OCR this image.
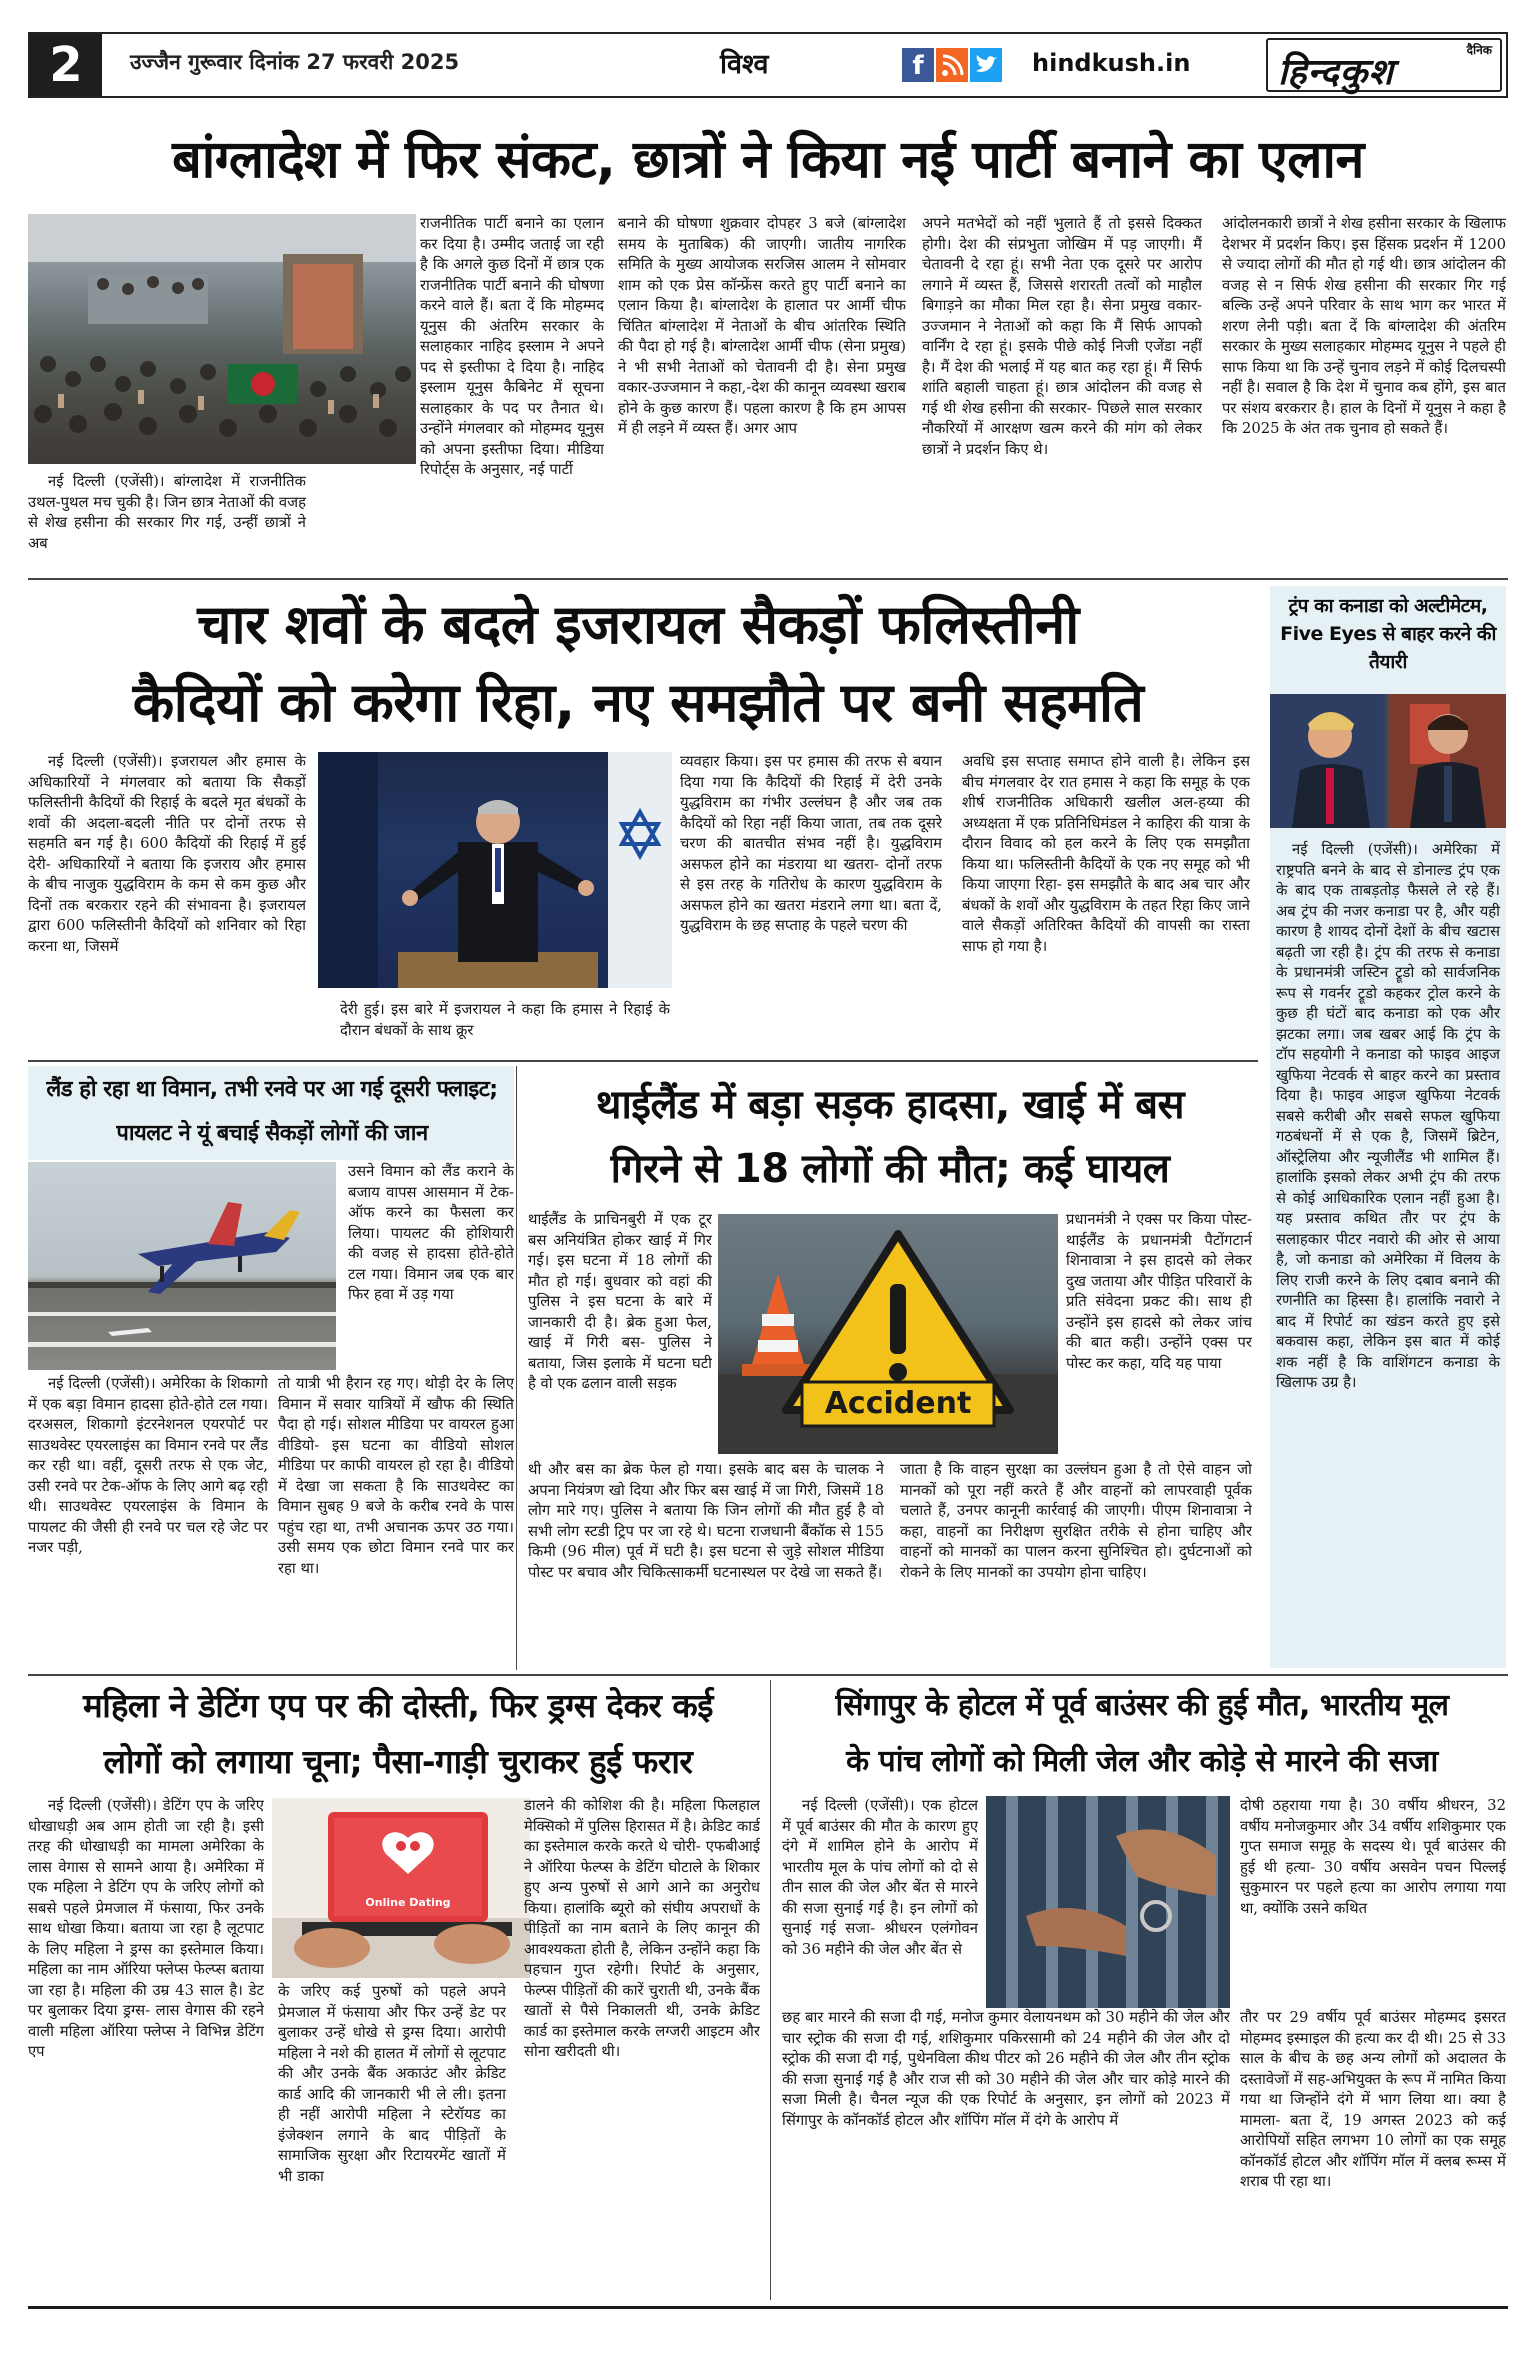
2	उज्जैन गुरूवार दिनांक 27 फरवरी 2025	विश्व	f	hindkush.in	दैनिक
हिन्दकुश
बांग्लादेश में फिर संकट, छात्रों ने किया नई पार्टी बनाने का एलान
नई दिल्ली (एजेंसी)। बांग्लादेश में राजनीतिक उथल-पुथल मच चुकी है। जिन छात्र नेताओं की वजह से शेख हसीना की सरकार गिर गई, उन्हीं छात्रों ने अब
राजनीतिक पार्टी बनाने का एलान कर दिया है। उम्मीद जताई जा रही है कि अगले कुछ दिनों में छात्र एक राजनीतिक पार्टी बनाने की घोषणा करने वाले हैं। बता दें कि मोहम्मद यूनुस की अंतरिम सरकार के सलाहकार नाहिद इस्लाम ने अपने पद से इस्तीफा दे दिया है। नाहिद इस्लाम यूनुस कैबिनेट में सूचना सलाहकार के पद पर तैनात थे। उन्होंने मंगलवार को मोहम्मद यूनुस को अपना इस्तीफा दिया। मीडिया रिपोर्ट्स के अनुसार, नई पार्टी
बनाने की घोषणा शुक्रवार दोपहर 3 बजे (बांग्लादेश समय के मुताबिक) की जाएगी। जातीय नागरिक समिति के मुख्य आयोजक सरजिस आलम ने सोमवार शाम को एक प्रेस कॉन्फ्रेंस करते हुए पार्टी बनाने का एलान किया है। बांग्लादेश के हालात पर आर्मी चीफ चिंतित बांग्लादेश में नेताओं के बीच आंतरिक स्थिति की पैदा हो गई है। बांग्लादेश आर्मी चीफ (सेना प्रमुख) ने भी सभी नेताओं को चेतावनी दी है। सेना प्रमुख वकार-उज्जमान ने कहा,-देश की कानून व्यवस्था खराब होने के कुछ कारण हैं। पहला कारण है कि हम आपस में ही लड़ने में व्यस्त हैं। अगर आप
अपने मतभेदों को नहीं भुलाते हैं तो इससे दिक्कत होगी। देश की संप्रभुता जोखिम में पड़ जाएगी। मैं चेतावनी दे रहा हूं। सभी नेता एक दूसरे पर आरोप लगाने में व्यस्त हैं, जिससे शरारती तत्वों को माहौल बिगाड़ने का मौका मिल रहा है। सेना प्रमुख वकार-उज्जमान ने नेताओं को कहा कि मैं सिर्फ आपको वार्निंग दे रहा हूं। इसके पीछे कोई निजी एजेंडा नहीं है। मैं देश की भलाई में यह बात कह रहा हूं। मैं सिर्फ शांति बहाली चाहता हूं। छात्र आंदोलन की वजह से गई थी शेख हसीना की सरकार- पिछले साल सरकार नौकरियों में आरक्षण खत्म करने की मांग को लेकर छात्रों ने प्रदर्शन किए थे।
आंदोलनकारी छात्रों ने शेख हसीना सरकार के खिलाफ देशभर में प्रदर्शन किए। इस हिंसक प्रदर्शन में 1200 से ज्यादा लोगों की मौत हो गई थी। छात्र आंदोलन की वजह से न सिर्फ शेख हसीना की सरकार गिर गई बल्कि उन्हें अपने परिवार के साथ भाग कर भारत में शरण लेनी पड़ी। बता दें कि बांग्लादेश की अंतरिम सरकार के मुख्य सलाहकार मोहम्मद यूनुस ने पहले ही साफ किया था कि उन्हें चुनाव लड़ने में कोई दिलचस्पी नहीं है। सवाल है कि देश में चुनाव कब होंगे, इस बात पर संशय बरकरार है। हाल के दिनों में यूनुस ने कहा है कि 2025 के अंत तक चुनाव हो सकते हैं।
चार शवों के बदले इजरायल सैकड़ों फलिस्तीनी
कैदियों को करेगा रिहा, नए समझौते पर बनी सहमति
नई दिल्ली (एजेंसी)। इजरायल और हमास के अधिकारियों ने मंगलवार को बताया कि सैकड़ों फलिस्तीनी कैदियों की रिहाई के बदले मृत बंधकों के शवों की अदला-बदली नीति पर दोनों तरफ से सहमति बन गई है। 600 कैदियों की रिहाई में हुई देरी- अधिकारियों ने बताया कि इजराय और हमास के बीच नाजुक युद्धविराम के कम से कम कुछ और दिनों तक बरकरार रहने की संभावना है। इजरायल द्वारा 600 फलिस्तीनी कैदियों को शनिवार को रिहा करना था, जिसमें
देरी हुई। इस बारे में इजरायल ने कहा कि हमास ने रिहाई के दौरान बंधकों के साथ क्रूर
व्यवहार किया। इस पर हमास की तरफ से बयान दिया गया कि कैदियों की रिहाई में देरी उनके युद्धविराम का गंभीर उल्लंघन है और जब तक कैदियों को रिहा नहीं किया जाता, तब तक दूसरे चरण की बातचीत संभव नहीं है। युद्धविराम असफल होने का मंडराया था खतरा- दोनों तरफ से इस तरह के गतिरोध के कारण युद्धविराम के असफल होने का खतरा मंडराने लगा था। बता दें, युद्धविराम के छह सप्ताह के पहले चरण की
अवधि इस सप्ताह समाप्त होने वाली है। लेकिन इस बीच मंगलवार देर रात हमास ने कहा कि समूह के एक शीर्ष राजनीतिक अधिकारी खलील अल-हय्या की अध्यक्षता में एक प्रतिनिधिमंडल ने काहिरा की यात्रा के दौरान विवाद को हल करने के लिए एक समझौता किया था। फलिस्तीनी कैदियों के एक नए समूह को भी किया जाएगा रिहा- इस समझौते के बाद अब चार और बंधकों के शवों और युद्धविराम के तहत रिहा किए जाने वाले सैकड़ों अतिरिक्त कैदियों की वापसी का रास्ता साफ हो गया है।
ट्रंप का कनाडा को अल्टीमेटम, Five Eyes से बाहर करने की तैयारी
नई दिल्ली (एजेंसी)। अमेरिका में राष्ट्रपति बनने के बाद से डोनाल्ड ट्रंप एक के बाद एक ताबड़तोड़ फैसले ले रहे हैं। अब ट्रंप की नजर कनाडा पर है, और यही कारण है शायद दोनों देशों के बीच खटास बढ़ती जा रही है। ट्रंप की तरफ से कनाडा के प्रधानमंत्री जस्टिन ट्रूडो को सार्वजनिक रूप से गवर्नर ट्रूडो कहकर ट्रोल करने के कुछ ही घंटों बाद कनाडा को एक और झटका लगा। जब खबर आई कि ट्रंप के टॉप सहयोगी ने कनाडा को फाइव आइज खुफिया नेटवर्क से बाहर करने का प्रस्ताव दिया है। फाइव आइज खुफिया नेटवर्क सबसे करीबी और सबसे सफल खुफिया गठबंधनों में से एक है, जिसमें ब्रिटेन, ऑस्ट्रेलिया और न्यूजीलैंड भी शामिल हैं। हालांकि इसको लेकर अभी ट्रंप की तरफ से कोई आधिकारिक एलान नहीं हुआ है। यह प्रस्ताव कथित तौर पर ट्रंप के सलाहकार पीटर नवारो की ओर से आया है, जो कनाडा को अमेरिका में विलय के लिए राजी करने के लिए दबाव बनाने की रणनीति का हिस्सा है। हालांकि नवारो ने बाद में रिपोर्ट का खंडन करते हुए इसे बकवास कहा, लेकिन इस बात में कोई शक नहीं है कि वाशिंगटन कनाडा के खिलाफ उग्र है।
लैंड हो रहा था विमान, तभी रनवे पर आ गई दूसरी फ्लाइट; पायलट ने यूं बचाई सैकड़ों लोगों की जान
उसने विमान को लैंड कराने के बजाय वापस आसमान में टेक-ऑफ करने का फैसला कर लिया। पायलट की होशियारी की वजह से हादसा होते-होते टल गया। विमान जब एक बार फिर हवा में उड़ गया
नई दिल्ली (एजेंसी)। अमेरिका के शिकागो में एक बड़ा विमान हादसा होते-होते टल गया। दरअसल, शिकागो इंटरनेशनल एयरपोर्ट पर साउथवेस्ट एयरलाइंस का विमान रनवे पर लैंड कर रही था। वहीं, दूसरी तरफ से एक जेट, उसी रनवे पर टेक-ऑफ के लिए आगे बढ़ रही थी। साउथवेस्ट एयरलाइंस के विमान के पायलट की जैसी ही रनवे पर चल रहे जेट पर नजर पड़ी,
तो यात्री भी हैरान रह गए। थोड़ी देर के लिए विमान में सवार यात्रियों में खौफ की स्थिति पैदा हो गई। सोशल मीडिया पर वायरल हुआ वीडियो- इस घटना का वीडियो सोशल मीडिया पर काफी वायरल हो रहा है। वीडियो में देखा जा सकता है कि साउथवेस्ट का विमान सुबह 9 बजे के करीब रनवे के पास पहुंच रहा था, तभी अचानक ऊपर उठ गया। उसी समय एक छोटा विमान रनवे पार कर रहा था।
थाईलैंड में बड़ा सड़क हादसा, खाई में बस
गिरने से 18 लोगों की मौत; कई घायल
थाईलैंड के प्राचिनबुरी में एक टूर बस अनियंत्रित होकर खाई में गिर गई। इस घटना में 18 लोगों की मौत हो गई। बुधवार को वहां की पुलिस ने इस घटना के बारे में जानकारी दी है। ब्रेक हुआ फेल, खाई में गिरी बस- पुलिस ने बताया, जिस इलाके में घटना घटी है वो एक ढलान वाली सड़क
Accident
प्रधानमंत्री ने एक्स पर किया पोस्ट- थाईलैंड के प्रधानमंत्री पैटोंगटार्न शिनावात्रा ने इस हादसे को लेकर दुख जताया और पीड़ित परिवारों के प्रति संवेदना प्रकट की। साथ ही उन्होंने इस हादसे को लेकर जांच की बात कही। उन्होंने एक्स पर पोस्ट कर कहा, यदि यह पाया
थी और बस का ब्रेक फेल हो गया। इसके बाद बस के चालक ने अपना नियंत्रण खो दिया और फिर बस खाई में जा गिरी, जिसमें 18 लोग मारे गए। पुलिस ने बताया कि जिन लोगों की मौत हुई है वो सभी लोग स्टडी ट्रिप पर जा रहे थे। घटना राजधानी बैंकॉक से 155 किमी (96 मील) पूर्व में घटी है। इस घटना से जुड़े सोशल मीडिया पोस्ट पर बचाव और चिकित्साकर्मी घटनास्थल पर देखे जा सकते हैं।
जाता है कि वाहन सुरक्षा का उल्लंघन हुआ है तो ऐसे वाहन जो मानकों को पूरा नहीं करते हैं और वाहनों को लापरवाही पूर्वक चलाते हैं, उनपर कानूनी कार्रवाई की जाएगी। पीएम शिनावात्रा ने कहा, वाहनों का निरीक्षण सुरक्षित तरीके से होना चाहिए और वाहनों को मानकों का पालन करना सुनिश्चित हो। दुर्घटनाओं को रोकने के लिए मानकों का उपयोग होना चाहिए।
महिला ने डेटिंग एप पर की दोस्ती, फिर ड्रग्स देकर कई
लोगों को लगाया चूना; पैसा-गाड़ी चुराकर हुई फरार
नई दिल्ली (एजेंसी)। डेटिंग एप के जरिए धोखाधड़ी अब आम होती जा रही है। इसी तरह की धोखाधड़ी का मामला अमेरिका के लास वेगास से सामने आया है। अमेरिका में एक महिला ने डेटिंग एप के जरिए लोगों को सबसे पहले प्रेमजाल में फंसाया, फिर उनके साथ धोखा किया। बताया जा रहा है लूटपाट के लिए महिला ने ड्रग्स का इस्तेमाल किया। महिला का नाम ऑरिया फ्लेप्स फेल्प्स बताया जा रहा है। महिला की उम्र 43 साल है। डेट पर बुलाकर दिया ड्रग्स- लास वेगास की रहने वाली महिला ऑरिया फ्लेप्स ने विभिन्न डेटिंग एप
Online Dating
के जरिए कई पुरुषों को पहले अपने प्रेमजाल में फंसाया और फिर उन्हें डेट पर बुलाकर उन्हें धोखे से ड्रग्स दिया। आरोपी महिला ने नशे की हालत में लोगों से लूटपाट की और उनके बैंक अकाउंट और क्रेडिट कार्ड आदि की जानकारी भी ले ली। इतना ही नहीं आरोपी महिला ने स्टेरॉयड का इंजेक्शन लगाने के बाद पीड़ितों के सामाजिक सुरक्षा और रिटायरमेंट खातों में भी डाका
डालने की कोशिश की है। महिला फिलहाल मेक्सिको में पुलिस हिरासत में है। क्रेडिट कार्ड का इस्तेमाल करके करते थे चोरी- एफबीआई ने ऑरिया फेल्प्स के डेटिंग घोटाले के शिकार हुए अन्य पुरुषों से आगे आने का अनुरोध किया। हालांकि ब्यूरो को संघीय अपराधों के पीड़ितों का नाम बताने के लिए कानून की आवश्यकता होती है, लेकिन उन्होंने कहा कि पहचान गुप्त रहेगी। रिपोर्ट के अनुसार, फेल्प्स पीड़ितों की कारें चुराती थी, उनके बैंक खातों से पैसे निकालती थी, उनके क्रेडिट कार्ड का इस्तेमाल करके लग्जरी आइटम और सोना खरीदती थी।
सिंगापुर के होटल में पूर्व बाउंसर की हुई मौत, भारतीय मूल
के पांच लोगों को मिली जेल और कोड़े से मारने की सजा
नई दिल्ली (एजेंसी)। एक होटल में पूर्व बाउंसर की मौत के कारण हुए दंगे में शामिल होने के आरोप में भारतीय मूल के पांच लोगों को दो से तीन साल की जेल और बेंत से मारने की सजा सुनाई गई है। इन लोगों को सुनाई गई सजा- श्रीधरन एलंगोवन को 36 महीने की जेल और बेंत से
छह बार मारने की सजा दी गई, मनोज कुमार वेलायनथम को 30 महीने की जेल और चार स्ट्रोक की सजा दी गई, शशिकुमार पकिरसामी को 24 महीने की जेल और दो स्ट्रोक की सजा दी गई, पुथेनविला कीथ पीटर को 26 महीने की जेल और तीन स्ट्रोक की सजा सुनाई गई है और राज सी को 30 महीने की जेल और चार कोड़े मारने की सजा मिली है। चैनल न्यूज की एक रिपोर्ट के अनुसार, इन लोगों को 2023 में सिंगापुर के कॉनकॉर्ड होटल और शॉपिंग मॉल में दंगे के आरोप में
दोषी ठहराया गया है। 30 वर्षीय श्रीधरन, 32 वर्षीय मनोजकुमार और 34 वर्षीय शशिकुमार एक गुप्त समाज समूह के सदस्य थे। पूर्व बाउंसर की हुई थी हत्या- 30 वर्षीय असवेन पचन पिल्लई सुकुमारन पर पहले हत्या का आरोप लगाया गया था, क्योंकि उसने कथित
तौर पर 29 वर्षीय पूर्व बाउंसर मोहम्मद इसरत मोहम्मद इस्माइल की हत्या कर दी थी। 25 से 33 साल के बीच के छह अन्य लोगों को अदालत के दस्तावेजों में सह-अभियुक्त के रूप में नामित किया गया था जिन्होंने दंगे में भाग लिया था। क्या है मामला- बता दें, 19 अगस्त 2023 को कई आरोपियों सहित लगभग 10 लोगों का एक समूह कॉनकॉर्ड होटल और शॉपिंग मॉल में क्लब रूम्स में शराब पी रहा था।
